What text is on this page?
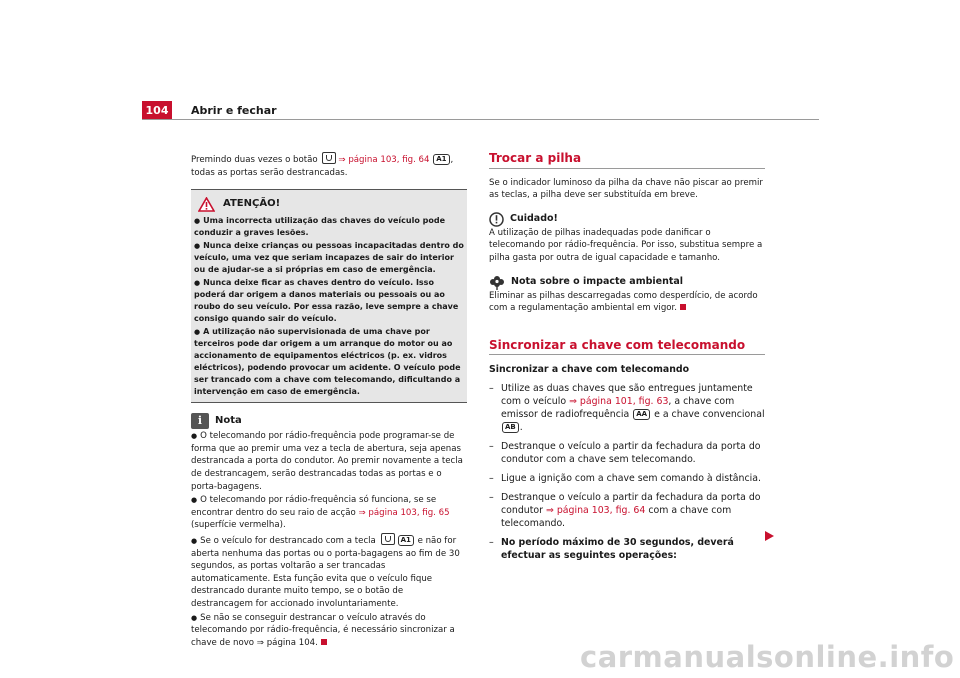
104	Abrir e fechar

Premindo duas vezes o botão ⇒ página 103, fig. 64 A1 , todas as portas serão destrancadas.

ATENÇÃO!

● Uma incorrecta utilização das chaves do veículo pode conduzir a graves lesões.

● Nunca deixe crianças ou pessoas incapacitadas dentro do veículo, uma vez que seriam incapazes de sair do interior ou de ajudar-se a si próprias em caso de emergência.

● Nunca deixe ficar as chaves dentro do veículo. Isso poderá dar origem a danos materiais ou pessoais ou ao roubo do seu veículo. Por essa razão, leve sempre a chave consigo quando sair do veículo.

● A utilização não supervisionada de uma chave por terceiros pode dar origem a um arranque do motor ou ao accionamento de equipamentos eléctricos (p. ex. vidros eléctricos), podendo provocar um acidente. O veículo pode ser trancado com a chave com telecomando, dificultando a intervenção em caso de emergência.

i	Nota

● O telecomando por rádio-frequência pode programar-se de forma que ao premir uma vez a tecla de abertura, seja apenas destrancada a porta do condutor. Ao premir novamente a tecla de destrancagem, serão destrancadas todas as portas e o porta-bagagens.

● O telecomando por rádio-frequência só funciona, se se encontrar dentro do seu raio de acção ⇒ página 103, fig. 65 (superfície vermelha).

● Se o veículo for destrancado com a tecla	A1 e não for aberta nenhuma das portas ou o porta-bagagens ao fim de 30 segundos, as portas voltarão a ser trancadas automaticamente. Esta função evita que o veículo fique destrancado durante muito tempo, se o botão de destrancagem for accionado involuntariamente.

● Se não se conseguir destrancar o veículo através do telecomando por rádio-frequência, é necessário sincronizar a chave de novo ⇒ página 104.

Trocar a pilha

Se o indicador luminoso da pilha da chave não piscar ao premir as teclas, a pilha deve ser substituída em breve.

Cuidado!

A utilização de pilhas inadequadas pode danificar o telecomando por rádio-frequência. Por isso, substitua sempre a pilha gasta por outra de igual capacidade e tamanho.

Nota sobre o impacte ambiental

Eliminar as pilhas descarregadas como desperdício, de acordo com a regulamentação ambiental em vigor.

Sincronizar a chave com telecomando

Sincronizar a chave com telecomando

– Utilize as duas chaves que são entregues juntamente com o veículo ⇒ página 101, fig. 63, a chave com emissor de radiofrequência AA e a chave convencional AB .
– Destranque o veículo a partir da fechadura da porta do condutor com a chave sem telecomando.
– Ligue a ignição com a chave sem comando à distância.
– Destranque o veículo a partir da fechadura da porta do condutor ⇒ página 103, fig. 64 com a chave com telecomando.
– No período máximo de 30 segundos, deverá efectuar as seguintes operações:
carmanualsonline.info
